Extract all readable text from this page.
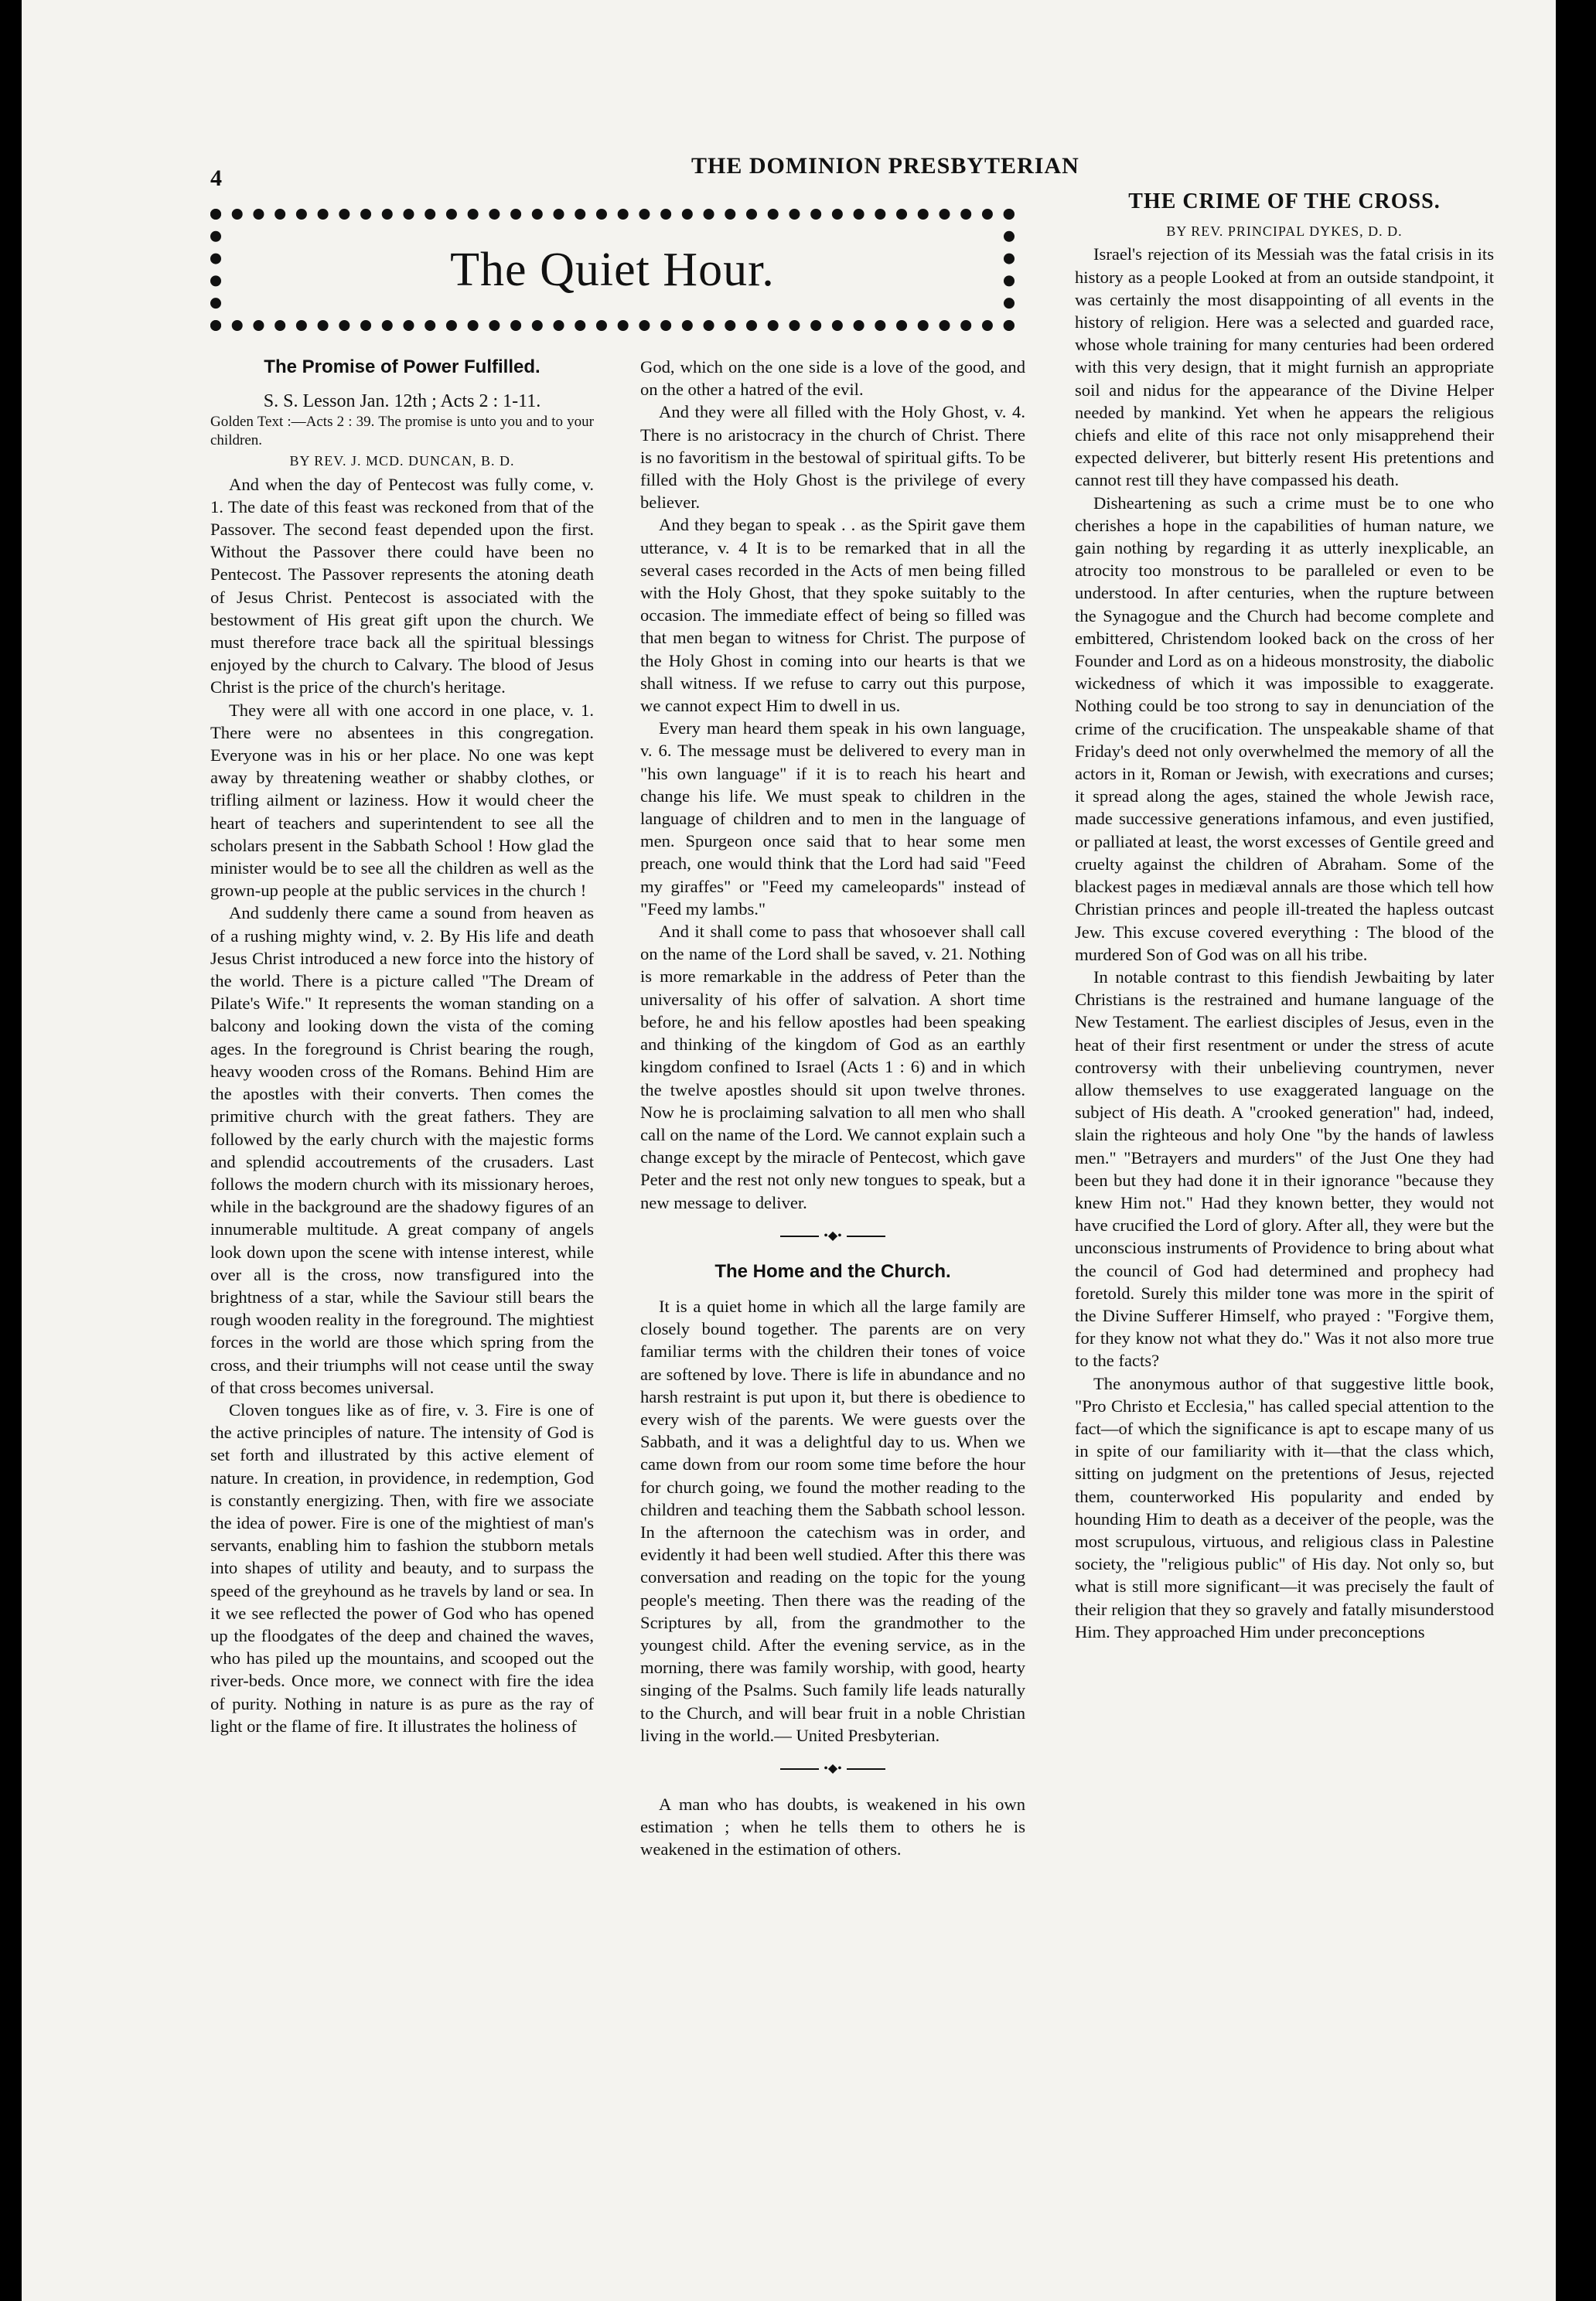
4	THE DOMINION PRESBYTERIAN
The Quiet Hour.
The Promise of Power Fulfilled.

S. S. Lesson Jan. 12th ; Acts 2 : 1-11.

Golden Text :—Acts 2 : 39. The promise is unto you and to your children.

BY REV. J. MCD. DUNCAN, B. D.

And when the day of Pentecost was fully come, v. 1. The date of this feast was reckoned from that of the Passover. The second feast depended upon the first. Without the Passover there could have been no Pentecost. The Passover represents the atoning death of Jesus Christ. Pentecost is associated with the bestowment of His great gift upon the church. We must therefore trace back all the spiritual blessings enjoyed by the church to Calvary. The blood of Jesus Christ is the price of the church's heritage.

They were all with one accord in one place, v. 1. There were no absentees in this congregation. Everyone was in his or her place. No one was kept away by threatening weather or shabby clothes, or trifling ailment or laziness. How it would cheer the heart of teachers and superintendent to see all the scholars present in the Sabbath School ! How glad the minister would be to see all the children as well as the grown-up people at the public services in the church !

And suddenly there came a sound from heaven as of a rushing mighty wind, v. 2. By His life and death Jesus Christ introduced a new force into the history of the world. There is a picture called "The Dream of Pilate's Wife." It represents the woman standing on a balcony and looking down the vista of the coming ages. In the foreground is Christ bearing the rough, heavy wooden cross of the Romans. Behind Him are the apostles with their converts. Then comes the primitive church with the great fathers. They are followed by the early church with the majestic forms and splendid accoutrements of the crusaders. Last follows the modern church with its missionary heroes, while in the background are the shadowy figures of an innumerable multitude. A great company of angels look down upon the scene with intense interest, while over all is the cross, now transfigured into the brightness of a star, while the Saviour still bears the rough wooden reality in the foreground. The mightiest forces in the world are those which spring from the cross, and their triumphs will not cease until the sway of that cross becomes universal.

Cloven tongues like as of fire, v. 3. Fire is one of the active principles of nature. The intensity of God is set forth and illustrated by this active element of nature. In creation, in providence, in redemption, God is constantly energizing. Then, with fire we associate the idea of power. Fire is one of the mightiest of man's servants, enabling him to fashion the stubborn metals into shapes of utility and beauty, and to surpass the speed of the greyhound as he travels by land or sea. In it we see reflected the power of God who has opened up the floodgates of the deep and chained the waves, who has piled up the mountains, and scooped out the river-beds. Once more, we connect with fire the idea of purity. Nothing in nature is as pure as the ray of light or the flame of fire. It illustrates the holiness of

God, which on the one side is a love of the good, and on the other a hatred of the evil.

And they were all filled with the Holy Ghost, v. 4. There is no aristocracy in the church of Christ. There is no favoritism in the bestowal of spiritual gifts. To be filled with the Holy Ghost is the privilege of every believer.

And they began to speak . . as the Spirit gave them utterance, v. 4 It is to be remarked that in all the several cases recorded in the Acts of men being filled with the Holy Ghost, that they spoke suitably to the occasion. The immediate effect of being so filled was that men began to witness for Christ. The purpose of the Holy Ghost in coming into our hearts is that we shall witness. If we refuse to carry out this purpose, we cannot expect Him to dwell in us.

Every man heard them speak in his own language, v. 6. The message must be delivered to every man in "his own language" if it is to reach his heart and change his life. We must speak to children in the language of children and to men in the language of men. Spurgeon once said that to hear some men preach, one would think that the Lord had said "Feed my giraffes" or "Feed my cameleopards" instead of "Feed my lambs."

And it shall come to pass that whosoever shall call on the name of the Lord shall be saved, v. 21. Nothing is more remarkable in the address of Peter than the universality of his offer of salvation. A short time before, he and his fellow apostles had been speaking and thinking of the kingdom of God as an earthly kingdom confined to Israel (Acts 1 : 6) and in which the twelve apostles should sit upon twelve thrones. Now he is proclaiming salvation to all men who shall call on the name of the Lord. We cannot explain such a change except by the miracle of Pentecost, which gave Peter and the rest not only new tongues to speak, but a new message to deliver.

•◆•
The Home and the Church.

It is a quiet home in which all the large family are closely bound together. The parents are on very familiar terms with the children their tones of voice are softened by love. There is life in abundance and no harsh restraint is put upon it, but there is obedience to every wish of the parents. We were guests over the Sabbath, and it was a delightful day to us. When we came down from our room some time before the hour for church going, we found the mother reading to the children and teaching them the Sabbath school lesson. In the afternoon the catechism was in order, and evidently it had been well studied. After this there was conversation and reading on the topic for the young people's meeting. Then there was the reading of the Scriptures by all, from the grandmother to the youngest child. After the evening service, as in the morning, there was family worship, with good, hearty singing of the Psalms. Such family life leads naturally to the Church, and will bear fruit in a noble Christian living in the world.— United Presbyterian.

•◆•

A man who has doubts, is weakened in his own estimation ; when he tells them to others he is weakened in the estimation of others.

THE CRIME OF THE CROSS.

BY REV. PRINCIPAL DYKES, D. D.

Israel's rejection of its Messiah was the fatal crisis in its history as a people Looked at from an outside standpoint, it was certainly the most disappointing of all events in the history of religion. Here was a selected and guarded race, whose whole training for many centuries had been ordered with this very design, that it might furnish an appropriate soil and nidus for the appearance of the Divine Helper needed by mankind. Yet when he appears the religious chiefs and elite of this race not only misapprehend their expected deliverer, but bitterly resent His pretentions and cannot rest till they have compassed his death.

Disheartening as such a crime must be to one who cherishes a hope in the capabilities of human nature, we gain nothing by regarding it as utterly inexplicable, an atrocity too monstrous to be paralleled or even to be understood. In after centuries, when the rupture between the Synagogue and the Church had become complete and embittered, Christendom looked back on the cross of her Founder and Lord as on a hideous monstrosity, the diabolic wickedness of which it was impossible to exaggerate. Nothing could be too strong to say in denunciation of the crime of the crucification. The unspeakable shame of that Friday's deed not only overwhelmed the memory of all the actors in it, Roman or Jewish, with execrations and curses; it spread along the ages, stained the whole Jewish race, made successive generations infamous, and even justified, or palliated at least, the worst excesses of Gentile greed and cruelty against the children of Abraham. Some of the blackest pages in mediæval annals are those which tell how Christian princes and people ill-treated the hapless outcast Jew. This excuse covered everything : The blood of the murdered Son of God was on all his tribe.

In notable contrast to this fiendish Jewbaiting by later Christians is the restrained and humane language of the New Testament. The earliest disciples of Jesus, even in the heat of their first resentment or under the stress of acute controversy with their unbelieving countrymen, never allow themselves to use exaggerated language on the subject of His death. A "crooked generation" had, indeed, slain the righteous and holy One "by the hands of lawless men." "Betrayers and murders" of the Just One they had been but they had done it in their ignorance "because they knew Him not." Had they known better, they would not have crucified the Lord of glory. After all, they were but the unconscious instruments of Providence to bring about what the council of God had determined and prophecy had foretold. Surely this milder tone was more in the spirit of the Divine Sufferer Himself, who prayed : "Forgive them, for they know not what they do." Was it not also more true to the facts?

The anonymous author of that suggestive little book, "Pro Christo et Ecclesia," has called special attention to the fact—of which the significance is apt to escape many of us in spite of our familiarity with it—that the class which, sitting on judgment on the pretentions of Jesus, rejected them, counterworked His popularity and ended by hounding Him to death as a deceiver of the people, was the most scrupulous, virtuous, and religious class in Palestine society, the "religious public" of His day. Not only so, but what is still more significant—it was precisely the fault of their religion that they so gravely and fatally misunderstood Him. They approached Him under preconceptions
